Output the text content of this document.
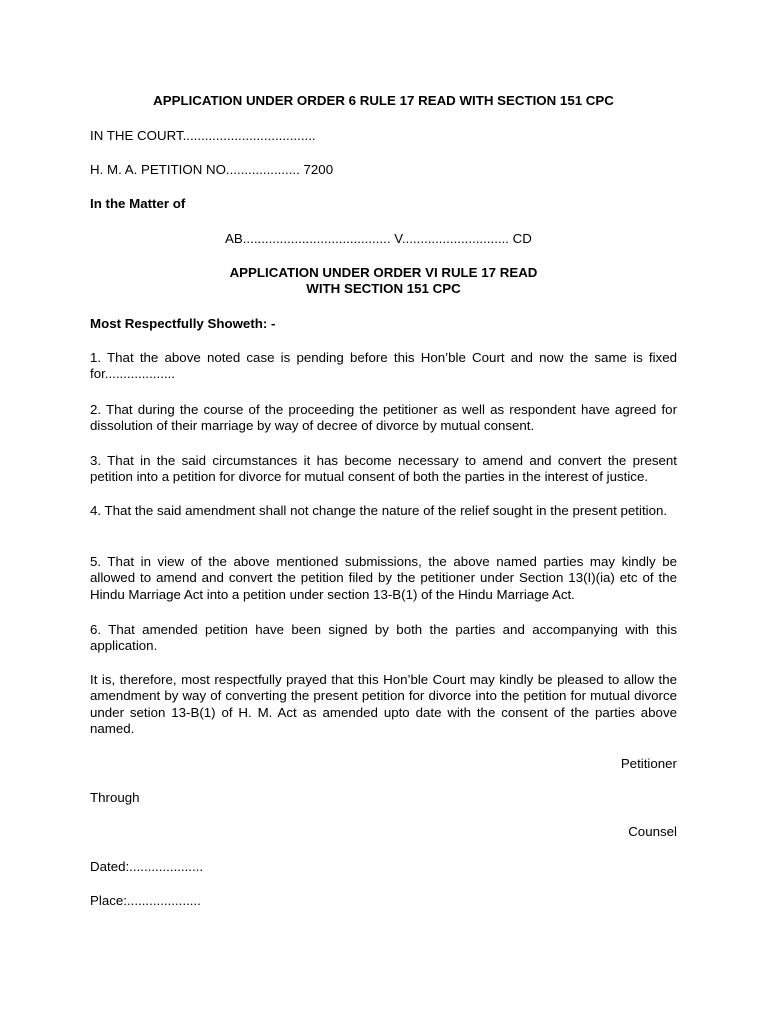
APPLICATION UNDER ORDER 6 RULE 17 READ WITH SECTION 151 CPC

IN THE COURT....................................

H. M. A. PETITION NO.................... 7200

In the Matter of

AB........................................ V............................. CD

APPLICATION UNDER ORDER VI RULE 17 READ
WITH SECTION 151 CPC

Most Respectfully Showeth: -

1. That the above noted case is pending before this Hon’ble Court and now the same is fixed for...................

2. That during the course of the proceeding the petitioner as well as respondent have agreed for dissolution of their marriage by way of decree of divorce by mutual consent.

3. That in the said circumstances it has become necessary to amend and convert the present petition into a petition for divorce for mutual consent of both the parties in the interest of justice.

4. That the said amendment shall not change the nature of the relief sought in the present petition.

5. That in view of the above mentioned submissions, the above named parties may kindly be allowed to amend and convert the petition filed by the petitioner under Section 13(I)(ia) etc of the Hindu Marriage Act into a petition under section 13-B(1) of the Hindu Marriage Act.

6. That amended petition have been signed by both the parties and accompanying with this application.

It is, therefore, most respectfully prayed that this Hon’ble Court may kindly be pleased to allow the amendment by way of converting the present petition for divorce into the petition for mutual divorce under setion 13-B(1) of H. M. Act as amended upto date with the consent of the parties above named.

Petitioner

Through

Counsel

Dated:....................

Place:....................
